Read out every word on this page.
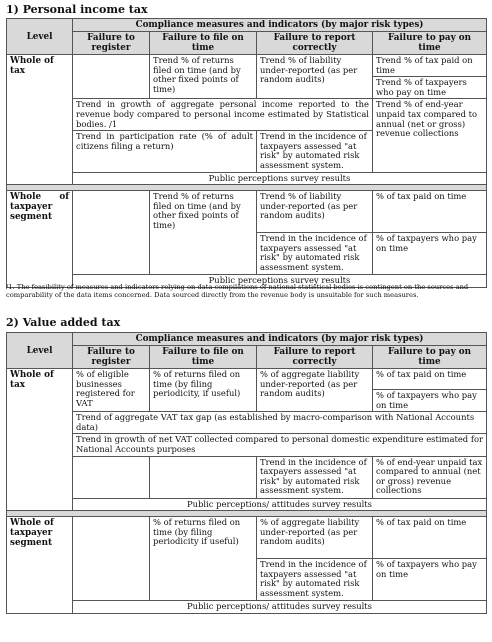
1) Personal income tax
Level	Compliance measures and indicators (by major risk types)			
	Failure to register	Failure to file on time	Failure to report correctly	Failure to pay on time
Whole of tax		Trend % of returns filed on time (and by other fixed points of time)	Trend % of liability under-reported (as per random audits)	Trend % of tax paid on time
				Trend % of taxpayers who pay on time
	Trend in growth of aggregate personal income reported to the revenue body compared to personal income estimated by Statistical bodies. /1			Trend % of end-year unpaid tax compared to annual (net or gross) revenue collections
	Trend in participation rate (% of adult citizens filing a return)		Trend in the incidence of taxpayers assessed "at risk" by automated risk assessment system.	
	Public perceptions survey results			

Whole of taxpayer segment		Trend % of returns filed on time (and by other fixed points of time)	Trend % of liability under-reported (as per random audits)	% of tax paid on time
			Trend in the incidence of taxpayers assessed "at risk" by automated risk assessment system.	% of taxpayers who pay on time
	Public perceptions survey results			
/1. The feasibility of measures and indicators relying on data compilations of national statistical bodies is contingent on the sources and comparability of the data items concerned. Data sourced directly from the revenue body is unsuitable for such measures.
2) Value added tax
Level	Compliance measures and indicators (by major risk types)			
	Failure to register	Failure to file on time	Failure to report correctly	Failure to pay on time
Whole of tax	% of eligible businesses registered for VAT	% of returns filed on time (by filing periodicity, if useful)	% of aggregate liability under-reported (as per random audits)	% of tax paid on time
				% of taxpayers who pay on time
	Trend of aggregate VAT tax gap (as established by macro-comparison with National Accounts data)			
	Trend in growth of net VAT collected compared to personal domestic expenditure estimated for National Accounts purposes			
			Trend in the incidence of taxpayers assessed "at risk" by automated risk assessment system.	% of end-year unpaid tax compared to annual (net or gross) revenue collections
	Public perceptions/ attitudes survey results			

Whole of taxpayer segment		% of returns filed on time (by filing periodicity if useful)	% of aggregate liability under-reported (as per random audits)	% of tax paid on time
			Trend in the incidence of taxpayers assessed "at risk" by automated risk assessment system.	% of taxpayers who pay on time
	Public perceptions/ attitudes survey results			
